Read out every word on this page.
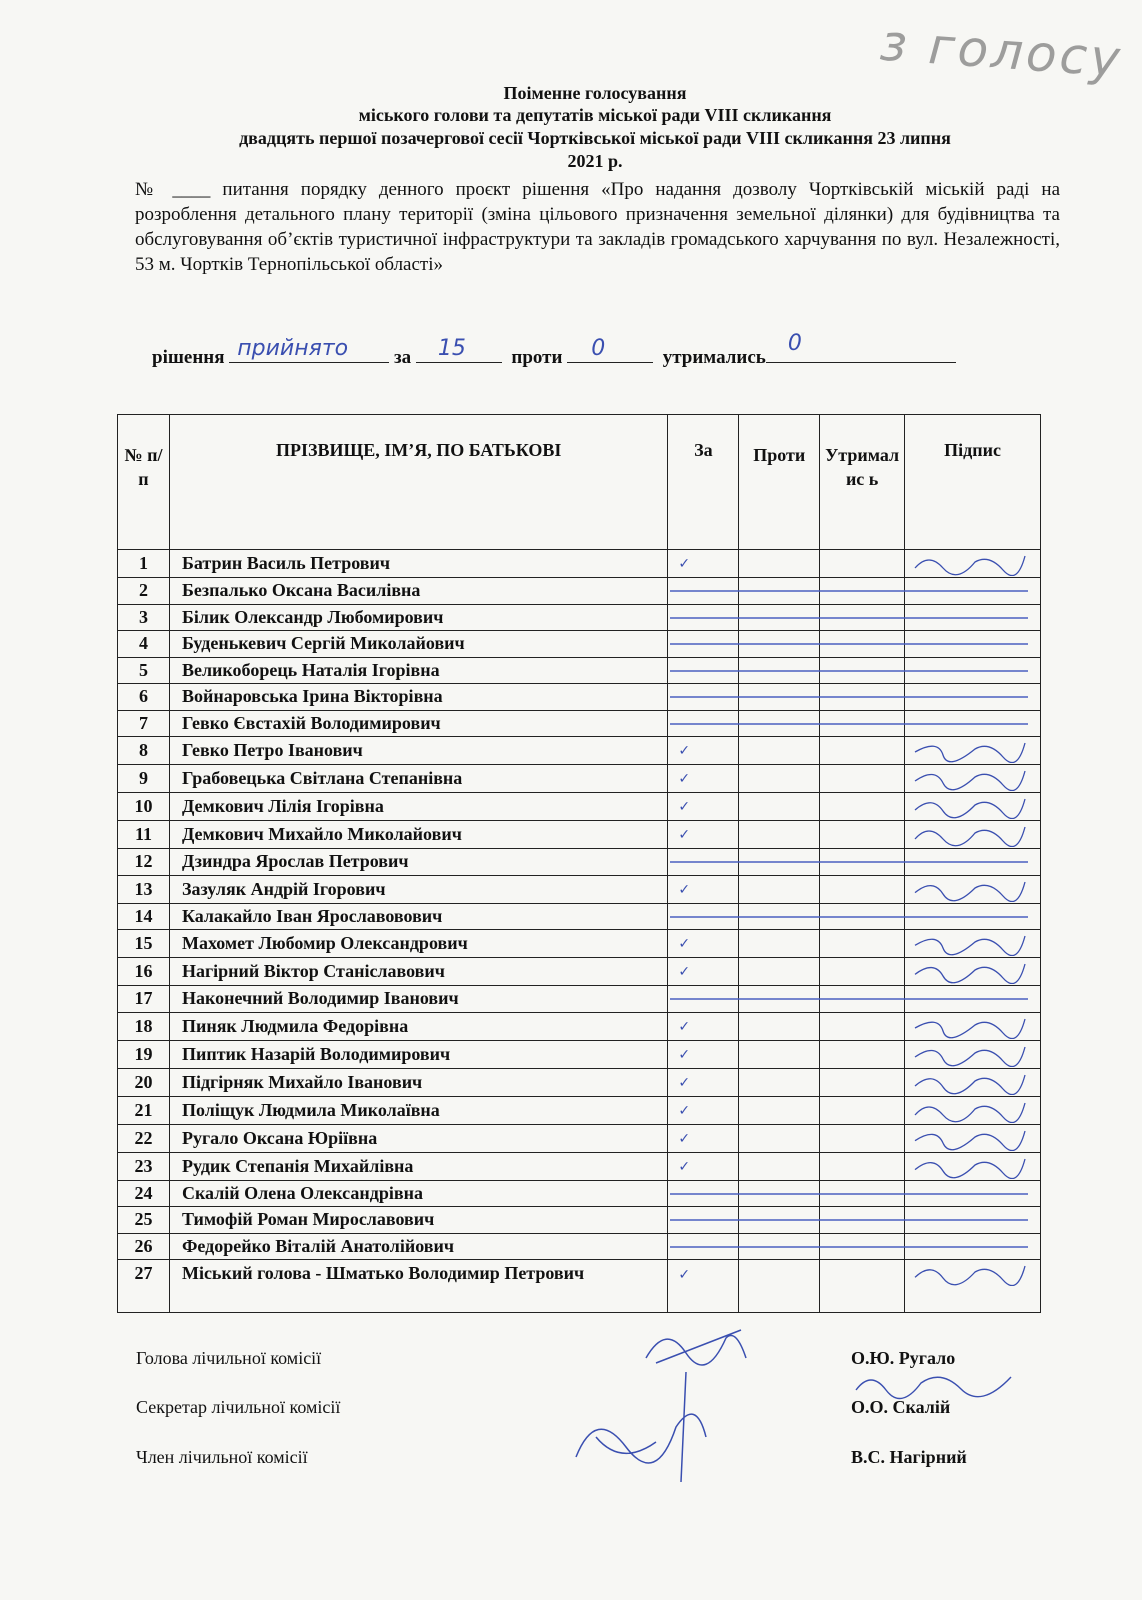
з голосу
Поіменне голосування
міського голови та депутатів міської ради VIII скликання
двадцять першої позачергової сесії Чортківської міської ради VIII скликання 23 липня
2021 р.
№ ____ питання порядку денного проєкт рішення «Про надання дозволу Чортківській міській раді на розроблення детального плану території (зміна цільового призначення земельної ділянки) для будівництва та обслуговування об’єктів туристичної інфраструктури та закладів громадського харчування по вул. Незалежності, 53 м. Чортків Тернопільської області»
рішення прийнято за 15 проти 0	утримались
0
№ п/п	ПРІЗВИЩЕ, ІМ’Я, ПО БАТЬКОВІ	За	Проти	Утрималис ь	Підпис
1	Батрин Василь Петрович	✓			

2	Безпалько Оксана Василівна				
3	Білик Олександр Любомирович				
4	Буденькевич Сергій Миколайович				
5	Великоборець Наталія Ігорівна				
6	Войнаровська Ірина Вікторівна				
7	Гевко Євстахій Володимирович				
8	Гевко Петро Іванович	✓			

9	Грабовецька Світлана Степанівна	✓			

10	Демкович Лілія Ігорівна	✓			

11	Демкович Михайло Миколайович	✓			

12	Дзиндра Ярослав Петрович				
13	Зазуляк Андрій Ігорович	✓			

14	Калакайло Іван Ярославовович				
15	Махомет Любомир Олександрович	✓			

16	Нагірний Віктор Станіславович	✓			

17	Наконечний Володимир Іванович				
18	Пиняк Людмила Федорівна	✓			

19	Пиптик Назарій Володимирович	✓			

20	Підгірняк Михайло Іванович	✓			

21	Поліщук Людмила Миколаївна	✓			

22	Ругало Оксана Юріївна	✓			

23	Рудик Степанія Михайлівна	✓			

24	Скалій Олена Олександрівна				
25	Тимофій Роман Мирославович				
26	Федорейко Віталій Анатолійович				
27	Міський голова - Шматько Володимир Петрович	✓			
Голова лічильної комісії	О.Ю. Ругало
Секретар лічильної комісії	О.О. Скалій
Член лічильної комісії	В.С. Нагірний
